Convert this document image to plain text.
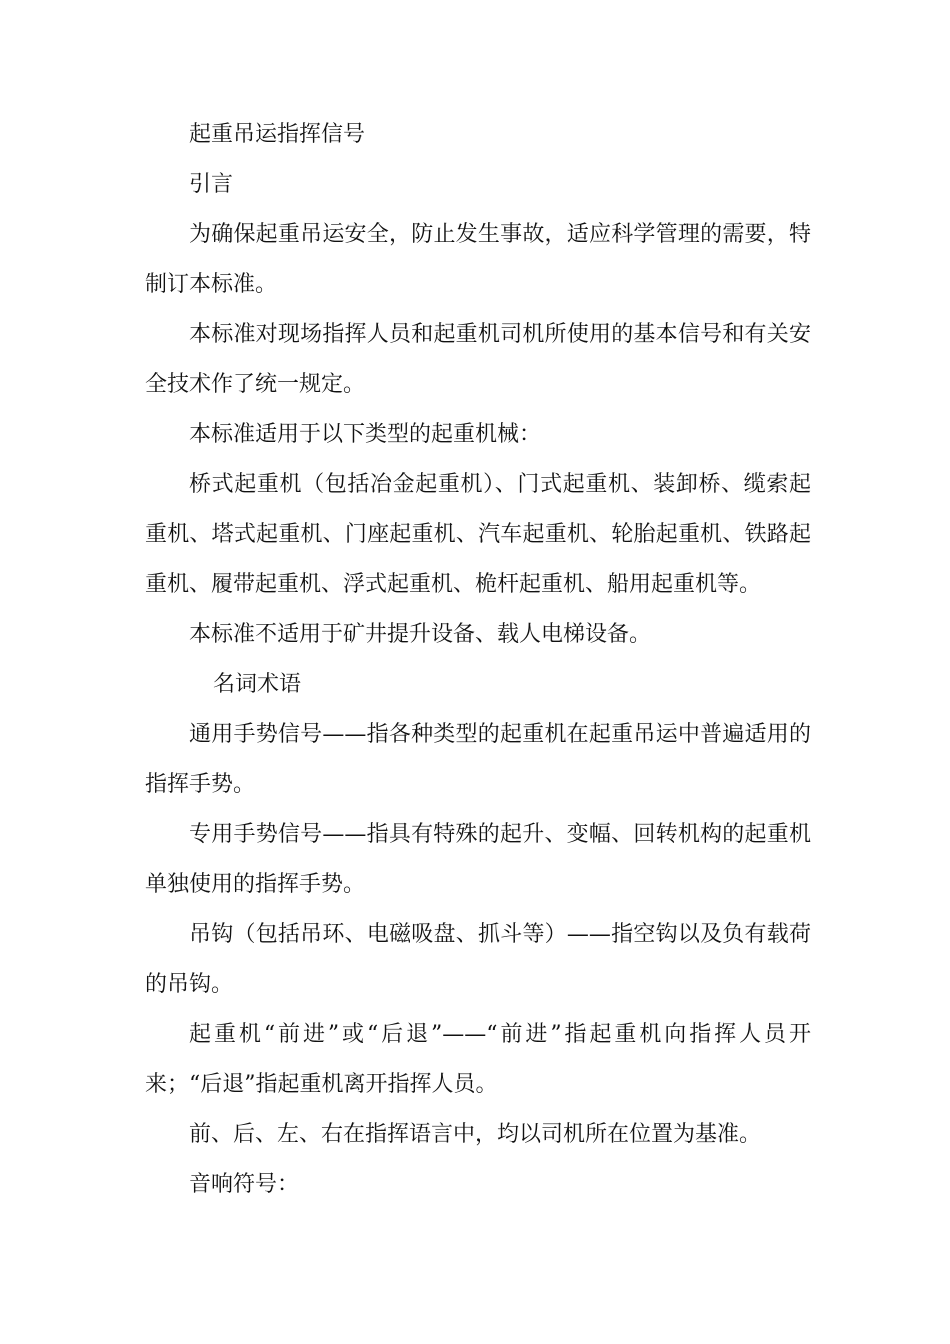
起重吊运指挥信号

引言

为确保起重吊运安全，防止发生事故，适应科学管理的需要，特制订本标准。

本标准对现场指挥人员和起重机司机所使用的基本信号和有关安全技术作了统一规定。

本标准适用于以下类型的起重机械：

桥式起重机（包括冶金起重机）、门式起重机、装卸桥、缆索起重机、塔式起重机、门座起重机、汽车起重机、轮胎起重机、铁路起重机、履带起重机、浮式起重机、桅杆起重机、船用起重机等。

本标准不适用于矿井提升设备、载人电梯设备。

名词术语

通用手势信号——指各种类型的起重机在起重吊运中普遍适用的指挥手势。

专用手势信号——指具有特殊的起升、变幅、回转机构的起重机单独使用的指挥手势。

吊钩（包括吊环、电磁吸盘、抓斗等）——指空钩以及负有载荷的吊钩。

起重机“前进”或“后退”——“前进”指起重机向指挥人员开来；“后退”指起重机离开指挥人员。

前、后、左、右在指挥语言中，均以司机所在位置为基准。

音响符号：
